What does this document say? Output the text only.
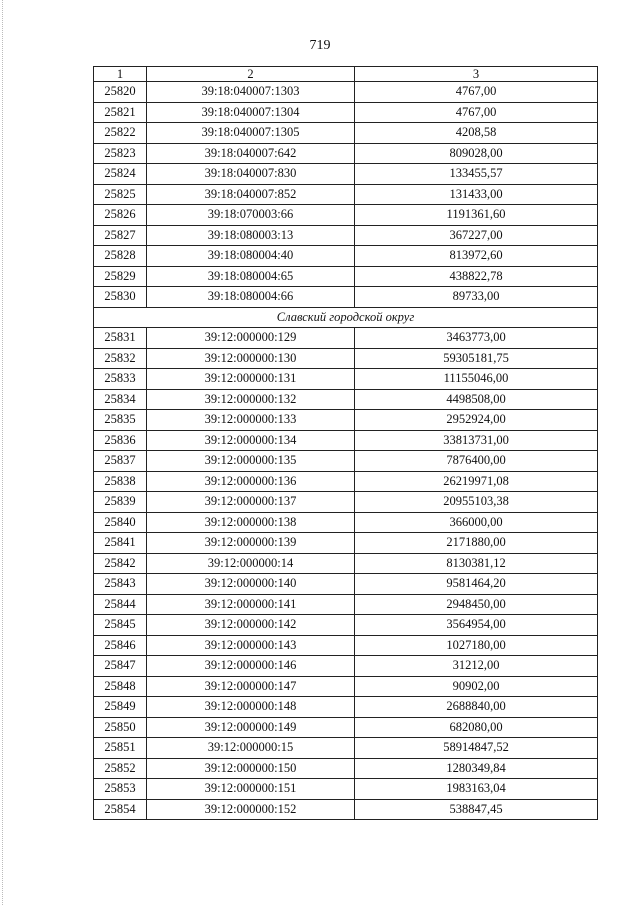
719
1	2	3
25820	39:18:040007:1303	4767,00
25821	39:18:040007:1304	4767,00
25822	39:18:040007:1305	4208,58
25823	39:18:040007:642	809028,00
25824	39:18:040007:830	133455,57
25825	39:18:040007:852	131433,00
25826	39:18:070003:66	1191361,60
25827	39:18:080003:13	367227,00
25828	39:18:080004:40	813972,60
25829	39:18:080004:65	438822,78
25830	39:18:080004:66	89733,00
Славский городской округ		
25831	39:12:000000:129	3463773,00
25832	39:12:000000:130	59305181,75
25833	39:12:000000:131	11155046,00
25834	39:12:000000:132	4498508,00
25835	39:12:000000:133	2952924,00
25836	39:12:000000:134	33813731,00
25837	39:12:000000:135	7876400,00
25838	39:12:000000:136	26219971,08
25839	39:12:000000:137	20955103,38
25840	39:12:000000:138	366000,00
25841	39:12:000000:139	2171880,00
25842	39:12:000000:14	8130381,12
25843	39:12:000000:140	9581464,20
25844	39:12:000000:141	2948450,00
25845	39:12:000000:142	3564954,00
25846	39:12:000000:143	1027180,00
25847	39:12:000000:146	31212,00
25848	39:12:000000:147	90902,00
25849	39:12:000000:148	2688840,00
25850	39:12:000000:149	682080,00
25851	39:12:000000:15	58914847,52
25852	39:12:000000:150	1280349,84
25853	39:12:000000:151	1983163,04
25854	39:12:000000:152	538847,45
